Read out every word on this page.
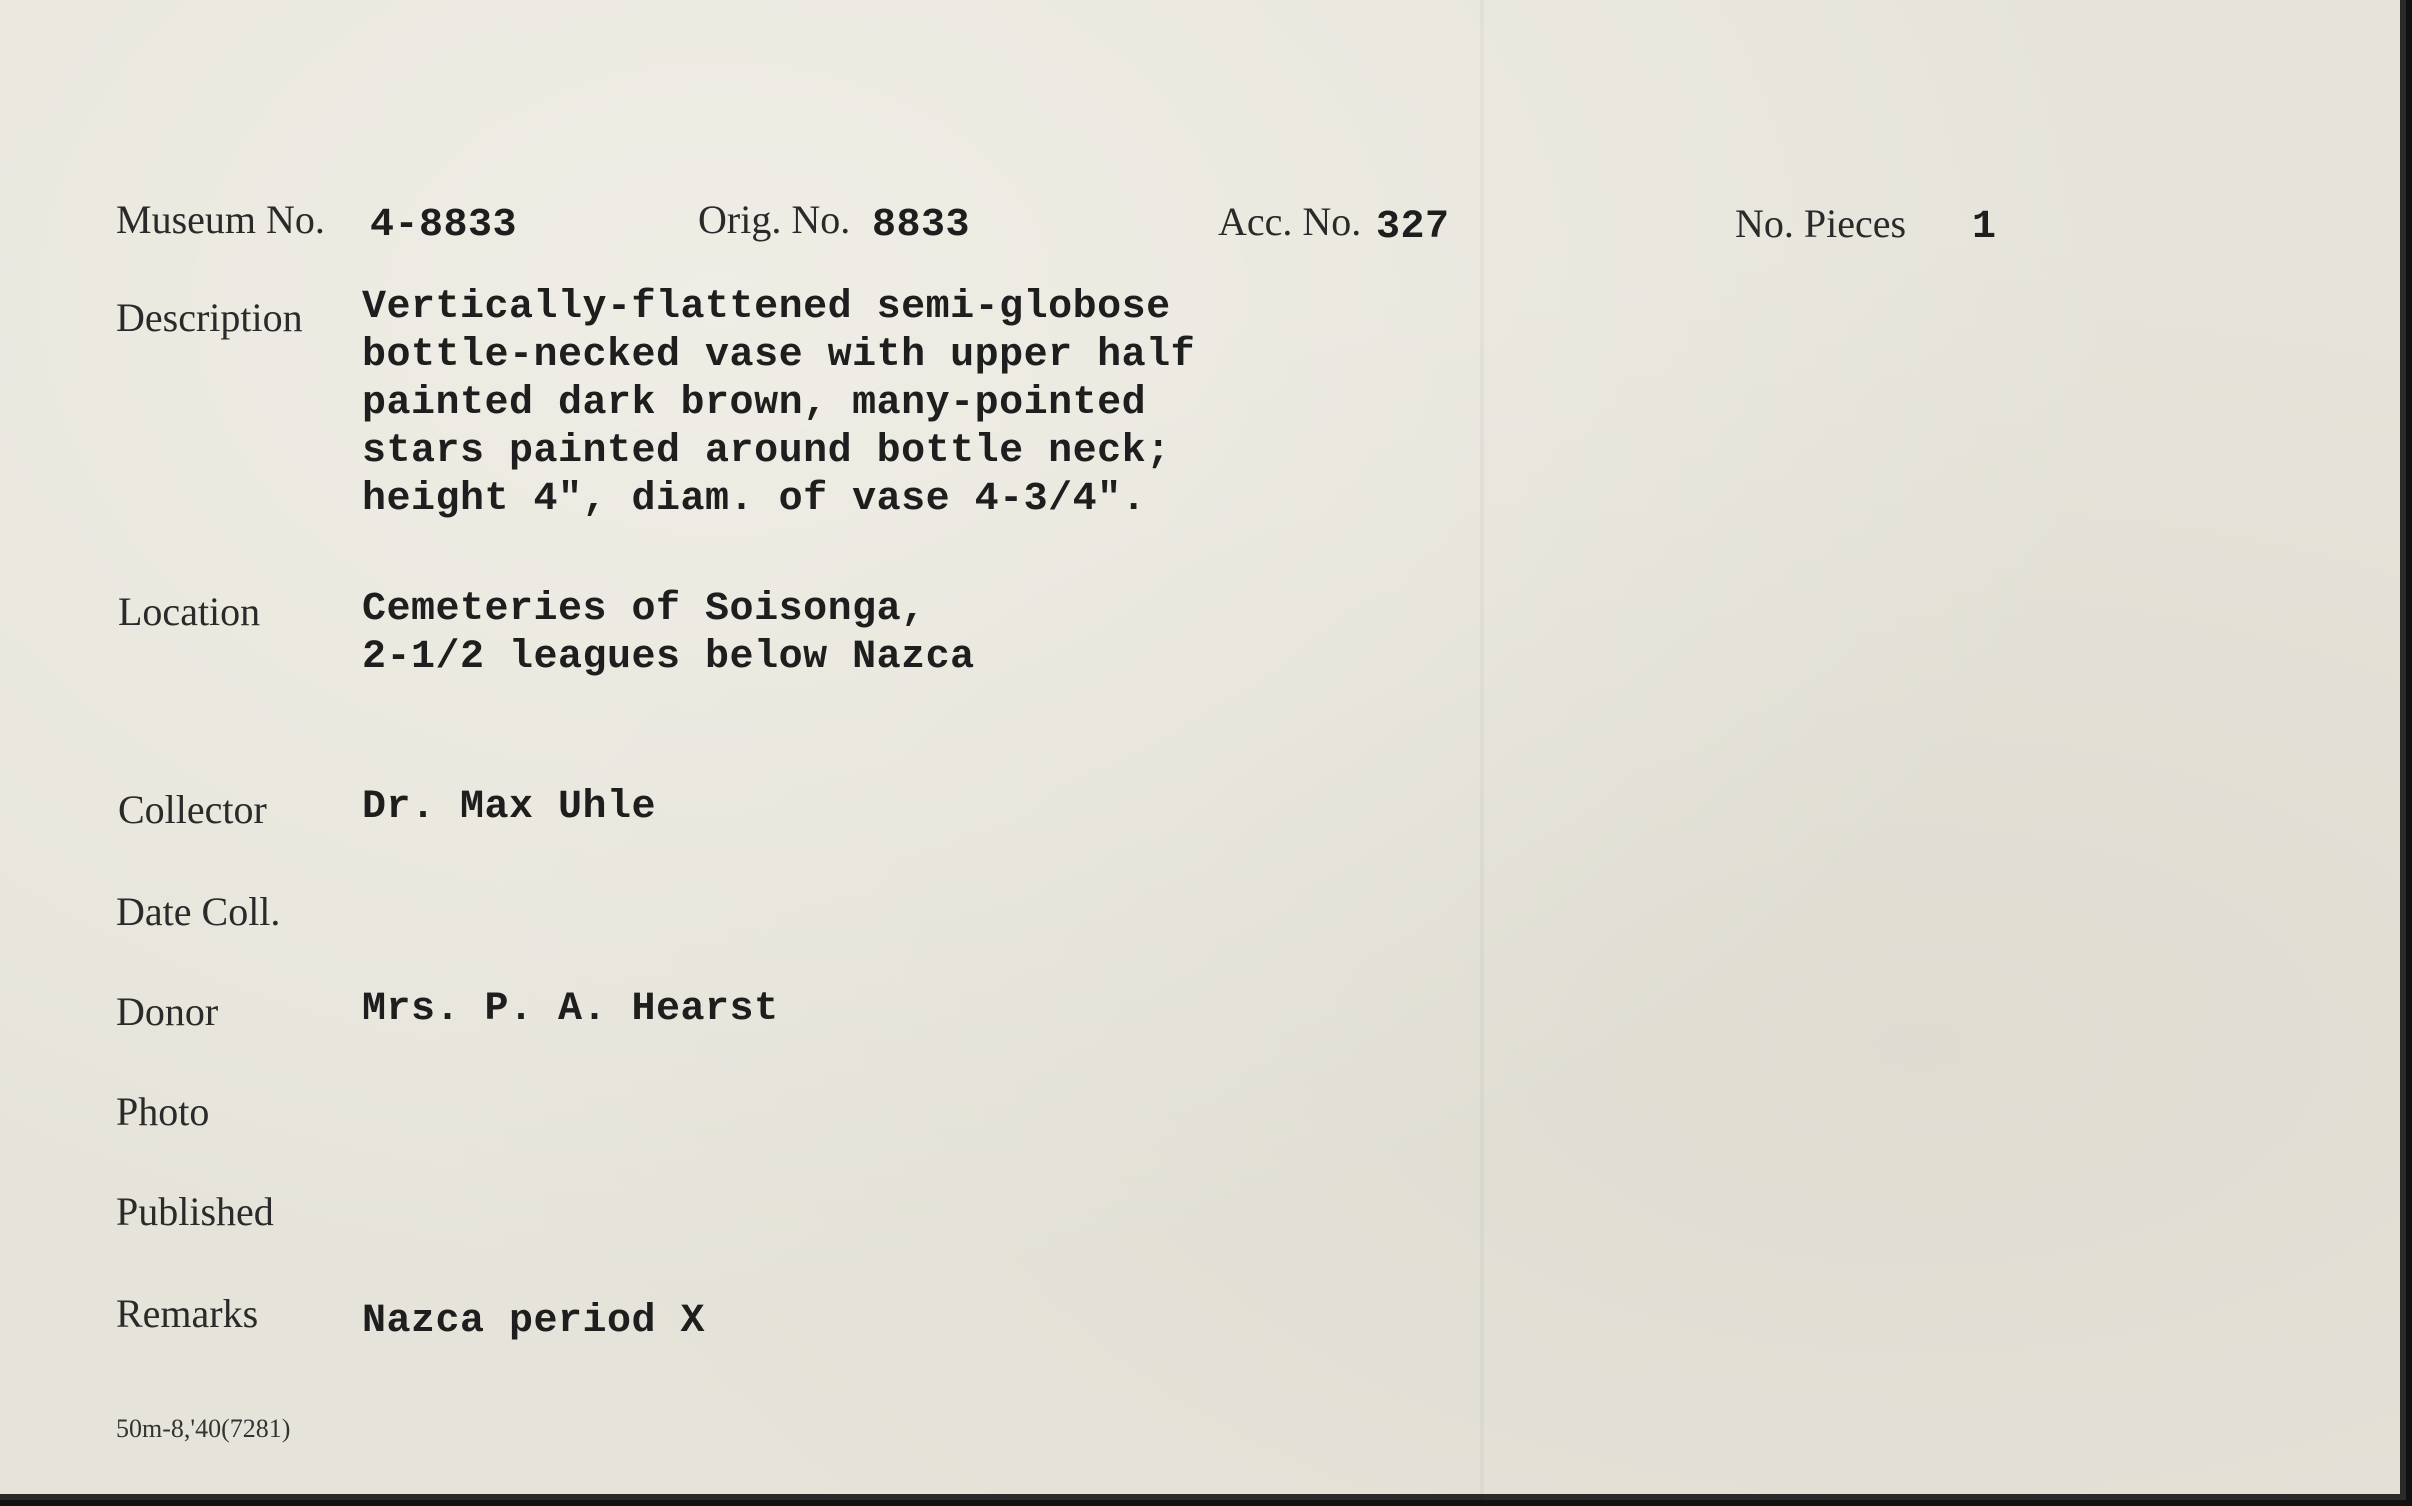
Museum No. 4-8833	Orig. No. 8833	Acc. No. 327	No. Pieces 1
Description Vertically-flattened semi-globose
bottle-necked vase with upper half
painted dark brown, many-pointed
stars painted around bottle neck;
height 4", diam. of vase 4-3/4".
Location	Cemeteries of Soisonga,
2-1/2 leagues below Nazca
Collector Dr. Max Uhle
Date Coll.
Donor	Mrs. P. A. Hearst
Photo
Published
Remarks	Nazca period X
50m-8,'40(7281)
